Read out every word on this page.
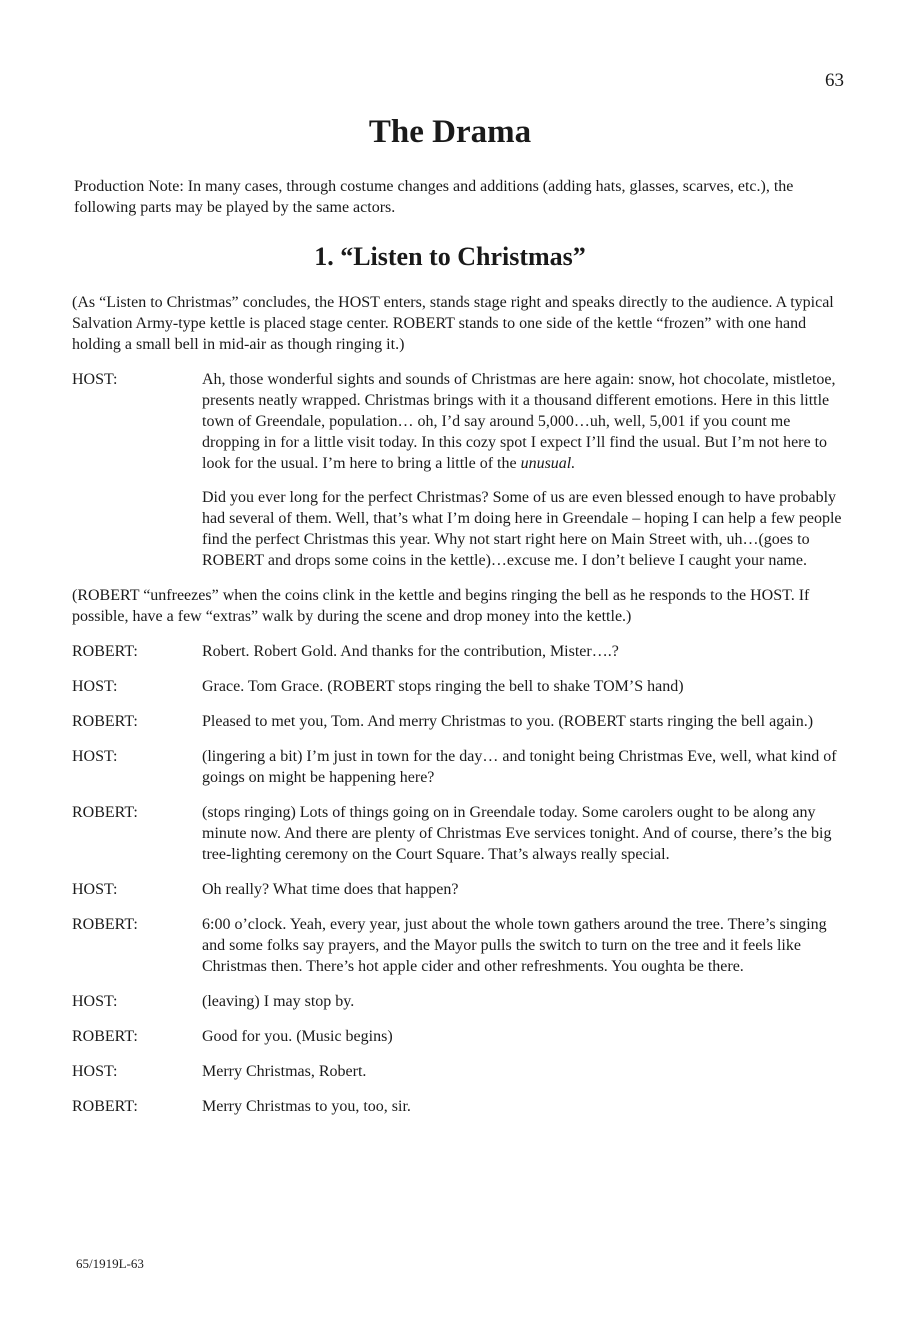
63
The Drama

Production Note: In many cases, through costume changes and additions (adding hats, glasses, scarves, etc.), the following parts may be played by the same actors.

1. “Listen to Christmas”

(As “Listen to Christmas” concludes, the HOST enters, stands stage right and speaks directly to the audience. A typical Salvation Army-type kettle is placed stage center. ROBERT stands to one side of the kettle “frozen” with one hand holding a small bell in mid-air as though ringing it.)

HOST:	Ah, those wonderful sights and sounds of Christmas are here again: snow, hot chocolate, mistletoe, presents neatly wrapped. Christmas brings with it a thousand different emotions. Here in this little town of Greendale, population… oh, I’d say around 5,000…uh, well, 5,001 if you count me dropping in for a little visit today. In this cozy spot I expect I’ll find the usual. But I’m not here to look for the usual. I’m here to bring a little of the unusual.

Did you ever long for the perfect Christmas? Some of us are even blessed enough to have probably had several of them. Well, that’s what I’m doing here in Greendale – hoping I can help a few people find the perfect Christmas this year. Why not start right here on Main Street with, uh…(goes to ROBERT and drops some coins in the kettle)…excuse me. I don’t believe I caught your name.

(ROBERT “unfreezes” when the coins clink in the kettle and begins ringing the bell as he responds to the HOST. If possible, have a few “extras” walk by during the scene and drop money into the kettle.)

ROBERT:	Robert. Robert Gold. And thanks for the contribution, Mister….?
HOST:	Grace. Tom Grace. (ROBERT stops ringing the bell to shake TOM’S hand)
ROBERT:	Pleased to met you, Tom. And merry Christmas to you. (ROBERT starts ringing the bell again.)
HOST:	(lingering a bit) I’m just in town for the day… and tonight being Christmas Eve, well, what kind of goings on might be happening here?
ROBERT:	(stops ringing) Lots of things going on in Greendale today. Some carolers ought to be along any minute now. And there are plenty of Christmas Eve services tonight. And of course, there’s the big tree-lighting ceremony on the Court Square. That’s always really special.
HOST:	Oh really? What time does that happen?
ROBERT:	6:00 o’clock. Yeah, every year, just about the whole town gathers around the tree. There’s singing and some folks say prayers, and the Mayor pulls the switch to turn on the tree and it feels like Christmas then. There’s hot apple cider and other refreshments. You oughta be there.
HOST:	(leaving) I may stop by.
ROBERT:	Good for you. (Music begins)
HOST:	Merry Christmas, Robert.
ROBERT:	Merry Christmas to you, too, sir.
65/1919L-63
